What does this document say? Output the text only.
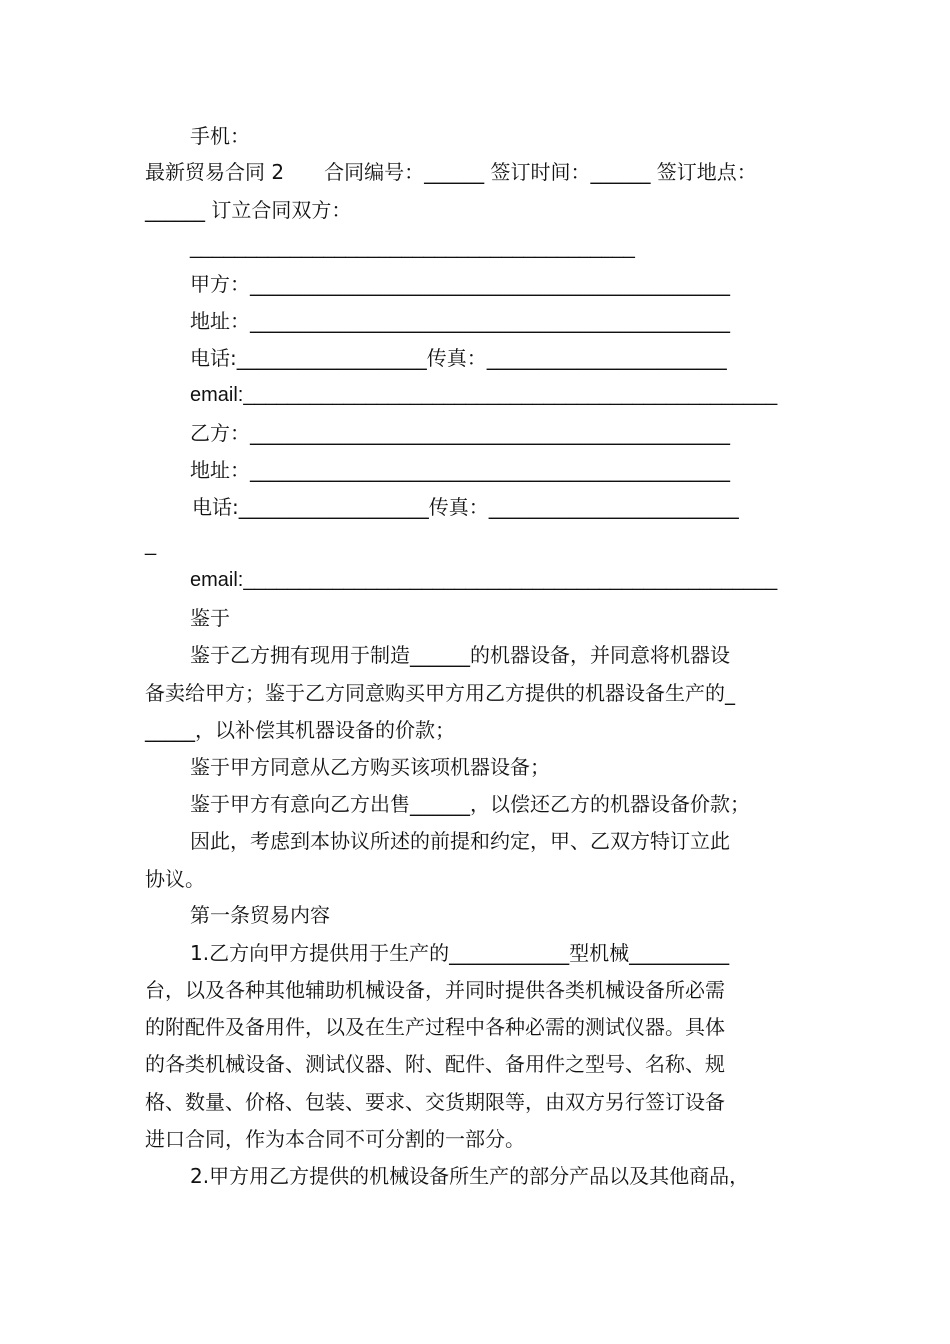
手机：
最新贸易合同 2　　合同编号：______ 签订时间：______ 签订地点：
______ 订立合同双方：
________________________________________
甲方：________________________________________________
地址：________________________________________________
电话:___________________传真：________________________
email:________________________________________________
乙方：________________________________________________
地址：________________________________________________
电话:___________________传真：_________________________
_
email:________________________________________________
鉴于
鉴于乙方拥有现用于制造______的机器设备，并同意将机器设
备卖给甲方；鉴于乙方同意购买甲方用乙方提供的机器设备生产的_
_____，以补偿其机器设备的价款；
鉴于甲方同意从乙方购买该项机器设备；
鉴于甲方有意向乙方出售______，以偿还乙方的机器设备价款；
因此，考虑到本协议所述的前提和约定，甲、乙双方特订立此
协议。
第一条贸易内容
1.乙方向甲方提供用于生产的____________型机械__________
台，以及各种其他辅助机械设备，并同时提供各类机械设备所必需
的附配件及备用件，以及在生产过程中各种必需的测试仪器。具体
的各类机械设备、测试仪器、附、配件、备用件之型号、名称、规
格、数量、价格、包装、要求、交货期限等，由双方另行签订设备
进口合同，作为本合同不可分割的一部分。
2.甲方用乙方提供的机械设备所生产的部分产品以及其他商品，
